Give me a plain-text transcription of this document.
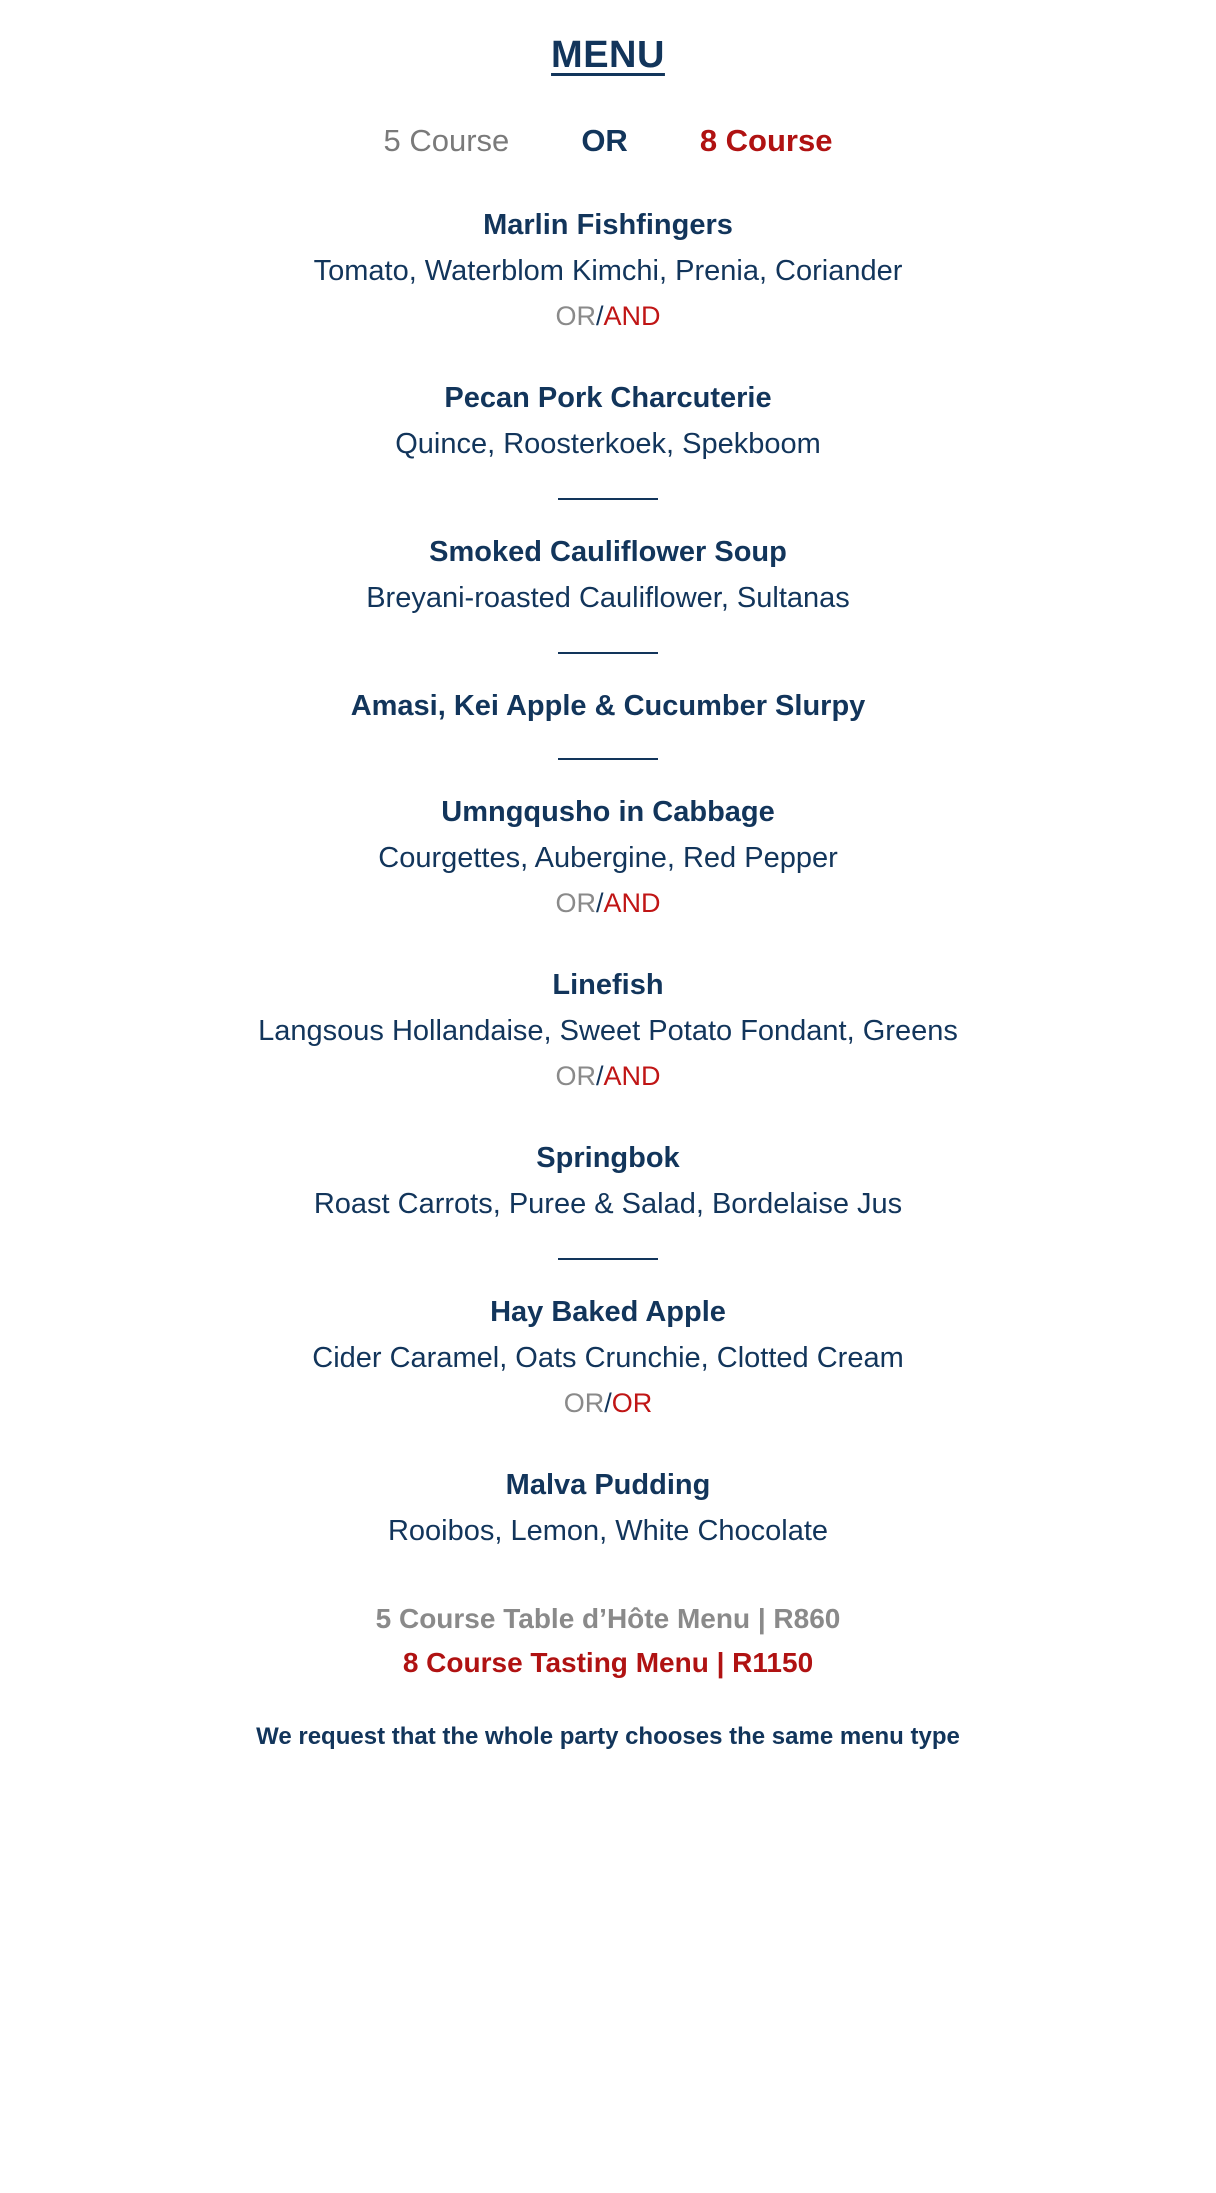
MENU
5 Course OR 8 Course

Marlin Fishfingers

Tomato, Waterblom Kimchi, Prenia, Coriander

OR/AND

Pecan Pork Charcuterie

Quince, Roosterkoek, Spekboom

Smoked Cauliflower Soup

Breyani-roasted Cauliflower, Sultanas

Amasi, Kei Apple & Cucumber Slurpy

Umngqusho in Cabbage

Courgettes, Aubergine, Red Pepper

OR/AND

Linefish

Langsous Hollandaise, Sweet Potato Fondant, Greens

OR/AND

Springbok

Roast Carrots, Puree & Salad, Bordelaise Jus

Hay Baked Apple

Cider Caramel, Oats Crunchie, Clotted Cream

OR/OR

Malva Pudding

Rooibos, Lemon, White Chocolate

5 Course Table d’Hôte Menu | R860

8 Course Tasting Menu | R1150

We request that the whole party chooses the same menu type
